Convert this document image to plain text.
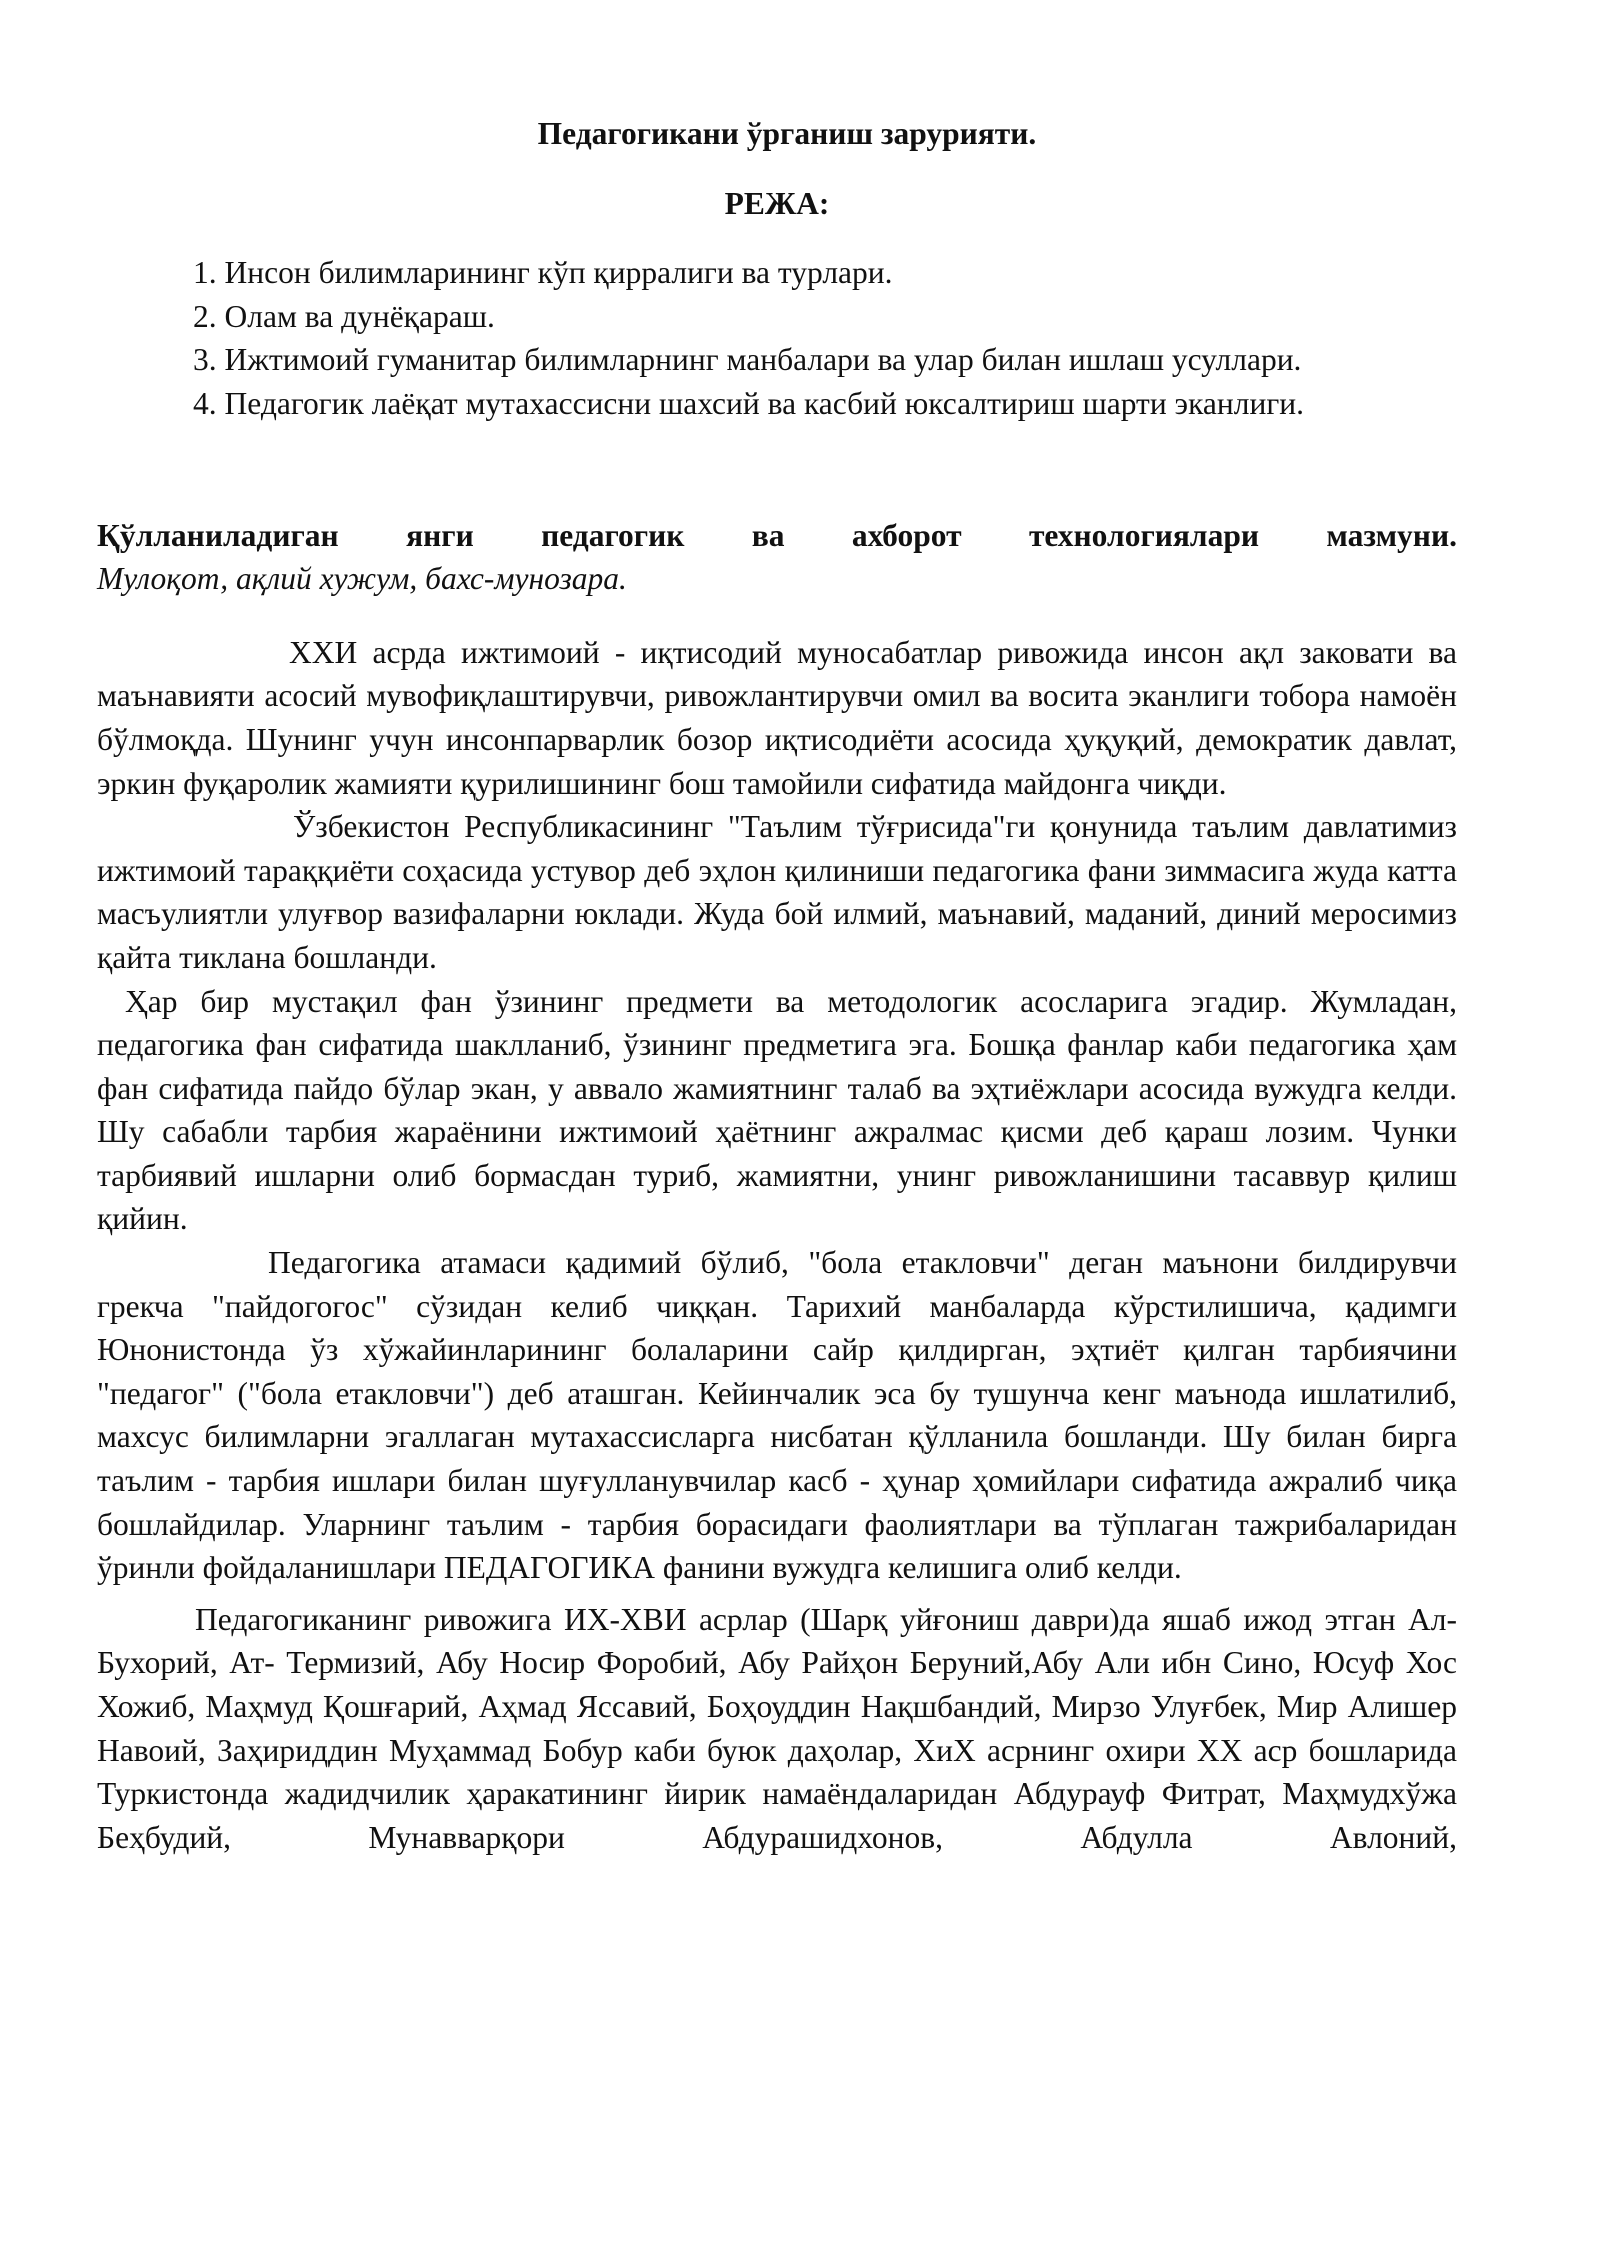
Педагогикани ўрганиш зарурияти.

РЕЖА:

1. Инсон билимларининг кўп қирралиги ва турлари.
2. Олам ва дунёқараш.
3. Ижтимоий гуманитар билимларнинг манбалари ва улар билан ишлаш усуллари.
4. Педагогик лаёқат мутахассисни шахсий ва касбий юксалтириш шарти эканлиги.

Қўлланиладиган янги педагогик ва ахборот технологиялари мазмуни.

Мулоқот, ақлий хужум, бахс-мунозара.

ХХИ асрда ижтимоий - иқтисодий муносабатлар ривожида инсон ақл заковати ва маънавияти асосий мувофиқлаштирувчи, ривожлантирувчи омил ва восита эканлиги тобора намоён бўлмоқда. Шунинг учун инсонпарварлик бозор иқтисодиёти асосида ҳуқуқий, демократик давлат, эркин фуқаролик жамияти қурилишининг бош тамойили сифатида майдонга чиқди.

Ўзбекистон Республикасининг "Таълим тўғрисида"ги қонунида таълим давлатимиз ижтимоий тараққиёти соҳасида устувор деб эҳлон қилиниши педагогика фани зиммасига жуда катта масъулиятли улуғвор вазифаларни юклади. Жуда бой илмий, маънавий, маданий, диний меросимиз қайта тиклана бошланди.

Ҳар бир мустақил фан ўзининг предмети ва методологик асосларига эгадир. Жумладан, педагогика фан сифатида шаклланиб, ўзининг предметига эга. Бошқа фанлар каби педагогика ҳам фан сифатида пайдо бўлар экан, у аввало жамиятнинг талаб ва эҳтиёжлари асосида вужудга келди. Шу сабабли тарбия жараёнини ижтимоий ҳаётнинг ажралмас қисми деб қараш лозим. Чунки тарбиявий ишларни олиб бормасдан туриб, жамиятни, унинг ривожланишини тасаввур қилиш қийин.

Педагогика атамаси қадимий бўлиб, "бола етакловчи" деган маънони билдирувчи грекча "пайдогогос" сўзидан келиб чиққан. Тарихий манбаларда кўрстилишича, қадимги Юнонистонда ўз хўжайинларининг болаларини сайр қилдирган, эҳтиёт қилган тарбиячини "педагог" ("бола етакловчи") деб аташган. Кейинчалик эса бу тушунча кенг маънода ишлатилиб, махсус билимларни эгаллаган мутахассисларга нисбатан қўлланила бошланди. Шу билан бирга таълим - тарбия ишлари билан шуғулланувчилар касб - ҳунар ҳомийлари сифатида ажралиб чиқа бошлайдилар. Уларнинг таълим - тарбия борасидаги фаолиятлари ва тўплаган тажрибаларидан ўринли фойдаланишлари ПЕДАГОГИКА фанини вужудга келишига олиб келди.

Педагогиканинг ривожига ИХ-ХВИ асрлар (Шарқ уйғониш даври)да яшаб ижод этган Ал-Бухорий, Ат- Термизий, Абу Носир Форобий, Абу Райҳон Беруний,Абу Али ибн Сино, Юсуф Хос Хожиб, Маҳмуд Қошғарий, Аҳмад Яссавий, Боҳоуддин Нақшбандий, Мирзо Улуғбек, Мир Алишер Навоий, Заҳириддин Муҳаммад Бобур каби буюк даҳолар, ХиХ асрнинг охири ХХ аср бошларида Туркистонда жадидчилик ҳаракатининг йирик намаёндаларидан Абдурауф Фитрат, Маҳмудхўжа Беҳбудий, Мунавварқори Абдурашидхонов, Абдулла Авлоний,
